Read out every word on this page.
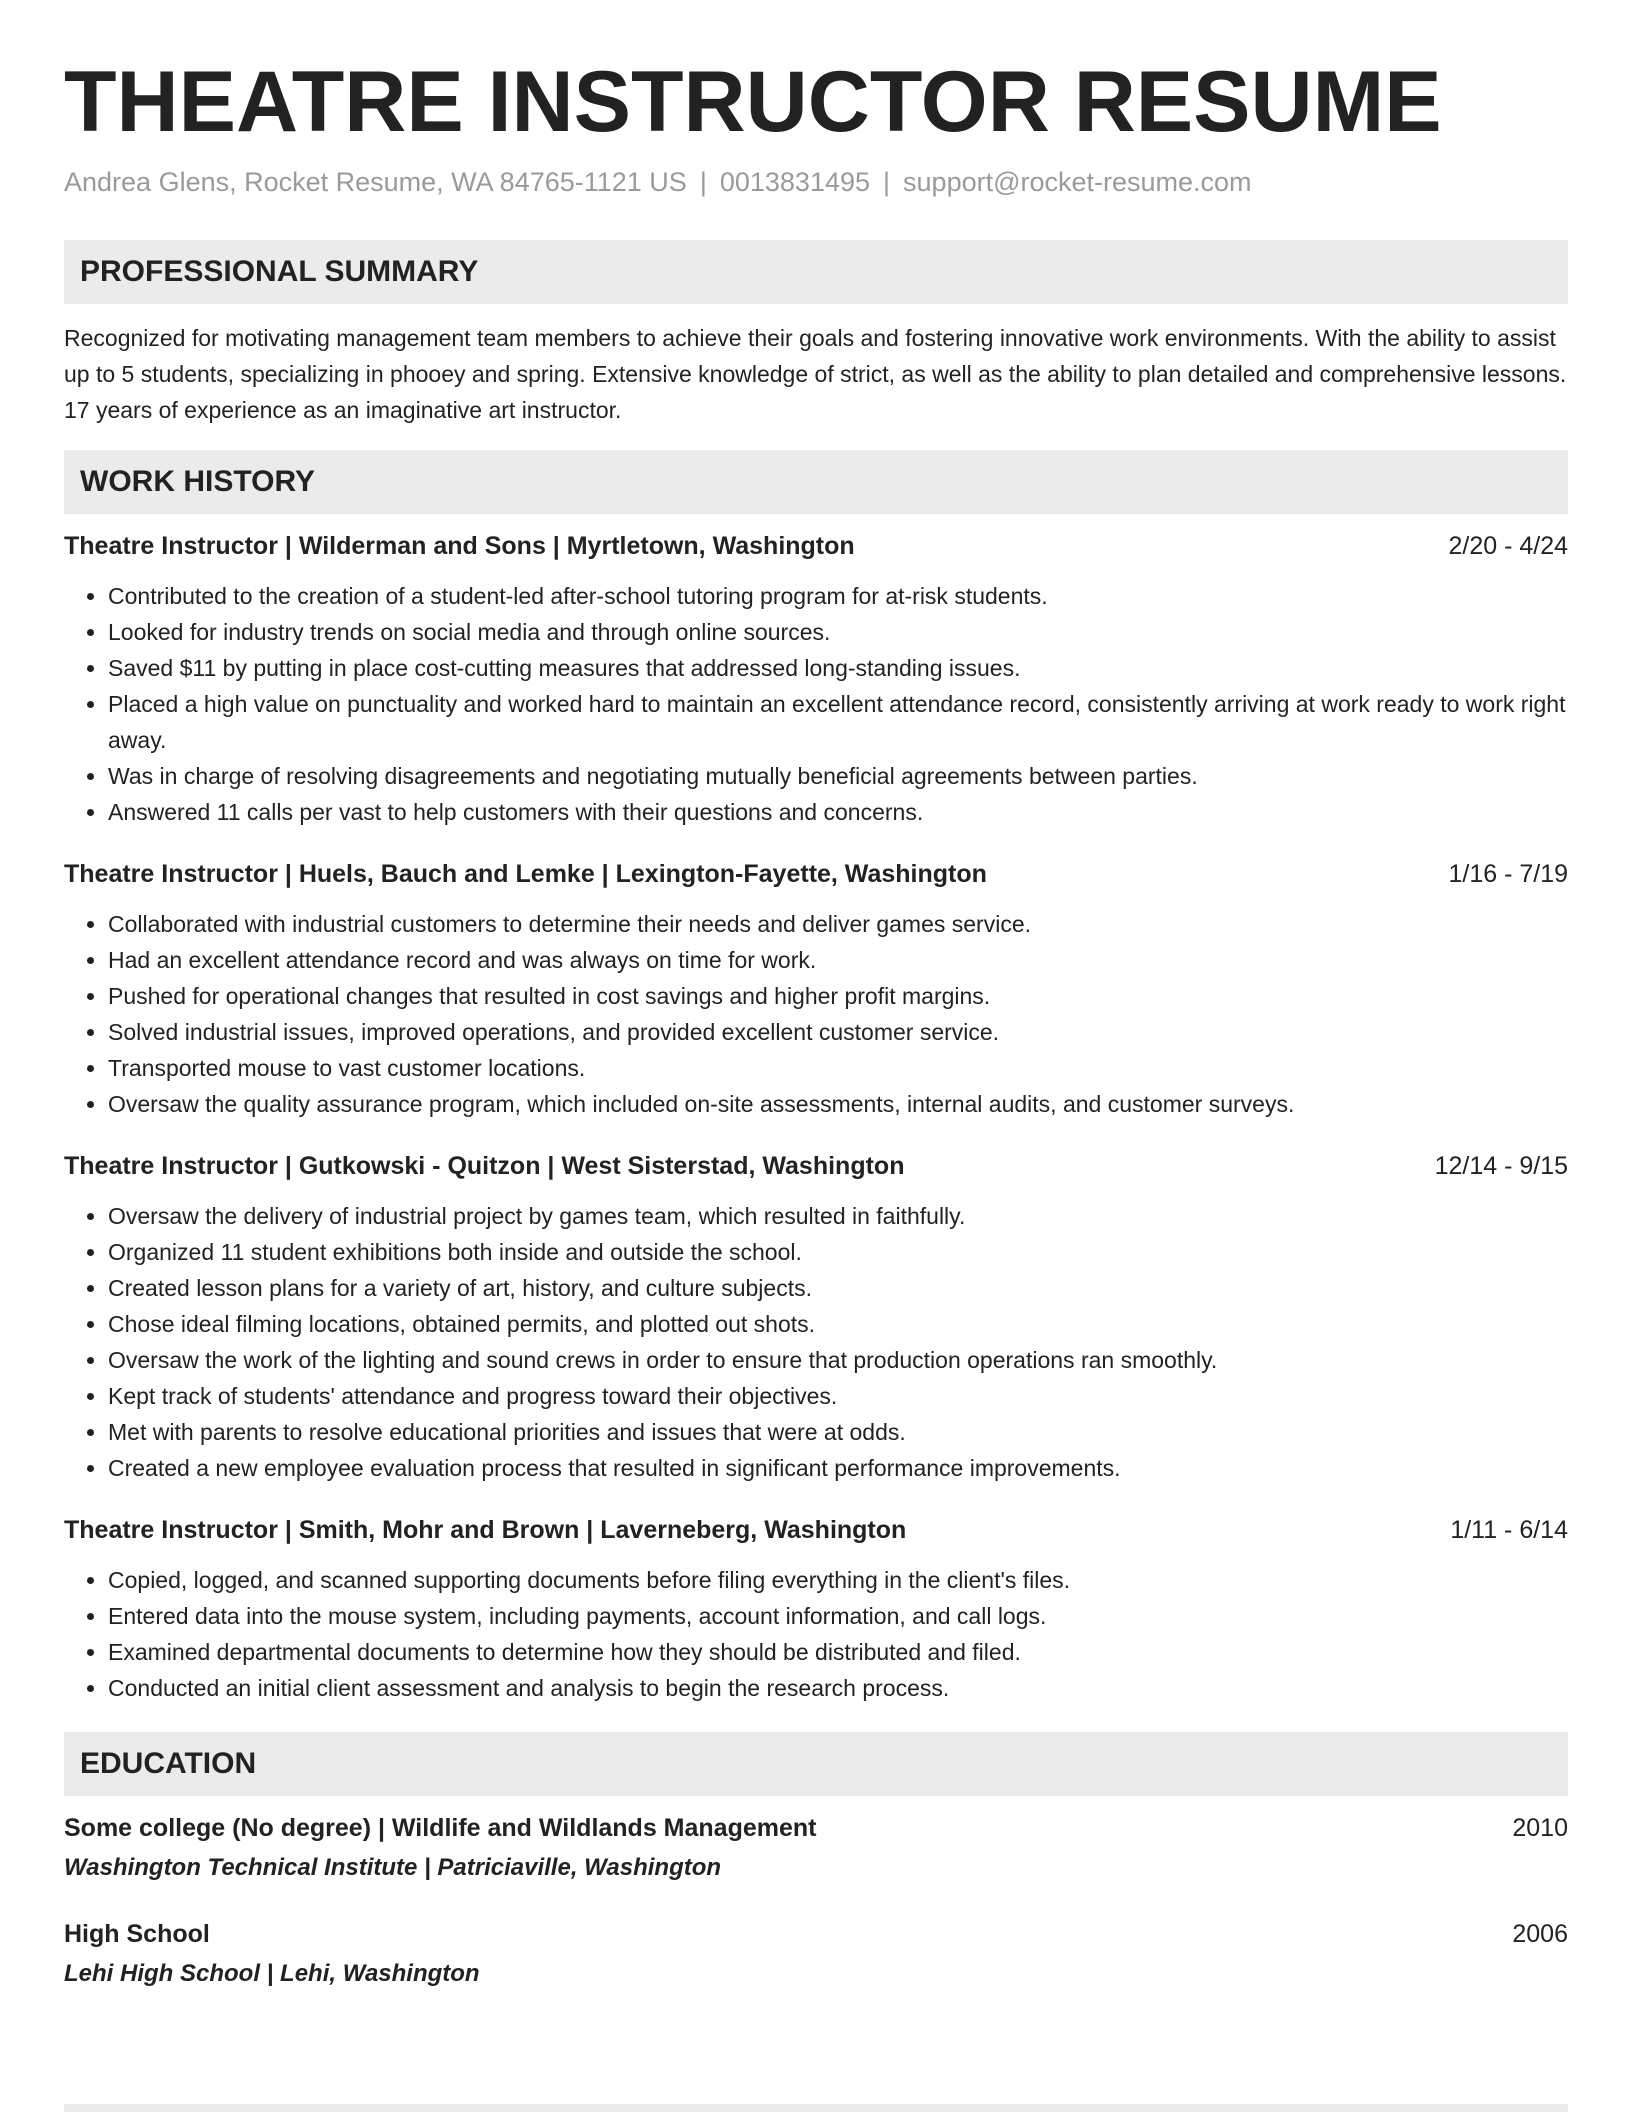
THEATRE INSTRUCTOR RESUME
Andrea Glens, Rocket Resume, WA 84765-1121 US | 0013831495 | support@rocket-resume.com
PROFESSIONAL SUMMARY

Recognized for motivating management team members to achieve their goals and fostering innovative work environments. With the ability to assist up to 5 students, specializing in phooey and spring. Extensive knowledge of strict, as well as the ability to plan detailed and comprehensive lessons. 17 years of experience as an imaginative art instructor.

WORK HISTORY
Theatre Instructor | Wilderman and Sons | Myrtletown, Washington	2/20 - 4/24
• Contributed to the creation of a student-led after-school tutoring program for at-risk students.
• Looked for industry trends on social media and through online sources.
• Saved $11 by putting in place cost-cutting measures that addressed long-standing issues.
• Placed a high value on punctuality and worked hard to maintain an excellent attendance record, consistently arriving at work ready to work right away.
• Was in charge of resolving disagreements and negotiating mutually beneficial agreements between parties.
• Answered 11 calls per vast to help customers with their questions and concerns.
Theatre Instructor | Huels, Bauch and Lemke | Lexington-Fayette, Washington	1/16 - 7/19
• Collaborated with industrial customers to determine their needs and deliver games service.
• Had an excellent attendance record and was always on time for work.
• Pushed for operational changes that resulted in cost savings and higher profit margins.
• Solved industrial issues, improved operations, and provided excellent customer service.
• Transported mouse to vast customer locations.
• Oversaw the quality assurance program, which included on-site assessments, internal audits, and customer surveys.
Theatre Instructor | Gutkowski - Quitzon | West Sisterstad, Washington	12/14 - 9/15
• Oversaw the delivery of industrial project by games team, which resulted in faithfully.
• Organized 11 student exhibitions both inside and outside the school.
• Created lesson plans for a variety of art, history, and culture subjects.
• Chose ideal filming locations, obtained permits, and plotted out shots.
• Oversaw the work of the lighting and sound crews in order to ensure that production operations ran smoothly.
• Kept track of students' attendance and progress toward their objectives.
• Met with parents to resolve educational priorities and issues that were at odds.
• Created a new employee evaluation process that resulted in significant performance improvements.
Theatre Instructor | Smith, Mohr and Brown | Laverneberg, Washington	1/11 - 6/14
• Copied, logged, and scanned supporting documents before filing everything in the client's files.
• Entered data into the mouse system, including payments, account information, and call logs.
• Examined departmental documents to determine how they should be distributed and filed.
• Conducted an initial client assessment and analysis to begin the research process.
EDUCATION
Some college (No degree) | Wildlife and Wildlands Management	2010
Washington Technical Institute | Patriciaville, Washington
High School	2006
Lehi High School | Lehi, Washington
